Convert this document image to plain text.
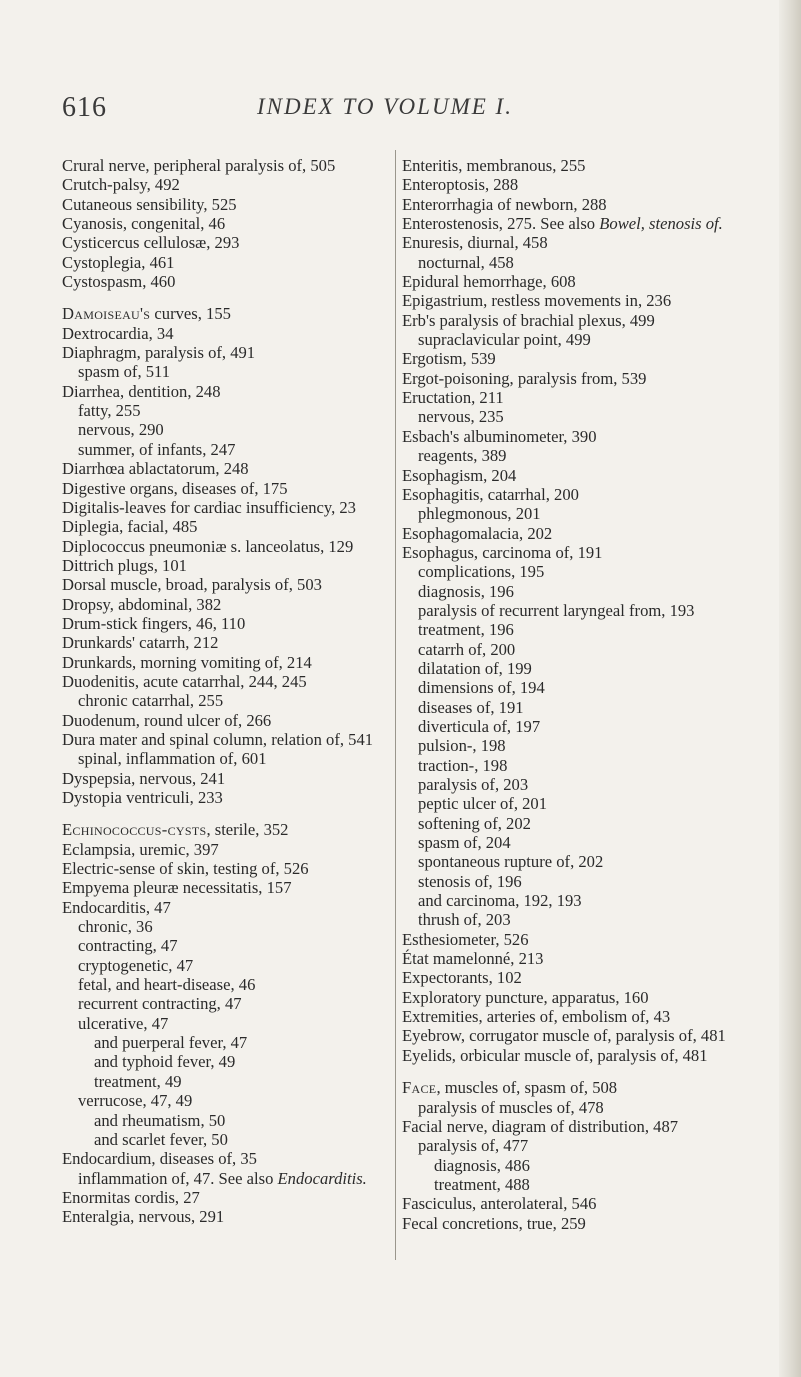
616	INDEX TO VOLUME I.
Crural nerve, peripheral paralysis of, 505
Crutch-palsy, 492
Cutaneous sensibility, 525
Cyanosis, congenital, 46
Cysticercus cellulosæ, 293
Cystoplegia, 461
Cystospasm, 460
Damoiseau's curves, 155
Dextrocardia, 34
Diaphragm, paralysis of, 491
spasm of, 511
Diarrhea, dentition, 248
fatty, 255
nervous, 290
summer, of infants, 247
Diarrhœa ablactatorum, 248
Digestive organs, diseases of, 175
Digitalis-leaves for cardiac insufficiency, 23
Diplegia, facial, 485
Diplococcus pneumoniæ s. lanceolatus, 129
Dittrich plugs, 101
Dorsal muscle, broad, paralysis of, 503
Dropsy, abdominal, 382
Drum-stick fingers, 46, 110
Drunkards' catarrh, 212
Drunkards, morning vomiting of, 214
Duodenitis, acute catarrhal, 244, 245
chronic catarrhal, 255
Duodenum, round ulcer of, 266
Dura mater and spinal column, relation of, 541
spinal, inflammation of, 601
Dyspepsia, nervous, 241
Dystopia ventriculi, 233
Echinococcus-cysts, sterile, 352
Eclampsia, uremic, 397
Electric-sense of skin, testing of, 526
Empyema pleuræ necessitatis, 157
Endocarditis, 47
chronic, 36
contracting, 47
cryptogenetic, 47
fetal, and heart-disease, 46
recurrent contracting, 47
ulcerative, 47
and puerperal fever, 47
and typhoid fever, 49
treatment, 49
verrucose, 47, 49
and rheumatism, 50
and scarlet fever, 50
Endocardium, diseases of, 35
inflammation of, 47. See also Endocarditis.
Enormitas cordis, 27
Enteralgia, nervous, 291
Enteritis, membranous, 255
Enteroptosis, 288
Enterorrhagia of newborn, 288
Enterostenosis, 275. See also Bowel, stenosis of.
Enuresis, diurnal, 458
nocturnal, 458
Epidural hemorrhage, 608
Epigastrium, restless movements in, 236
Erb's paralysis of brachial plexus, 499
supraclavicular point, 499
Ergotism, 539
Ergot-poisoning, paralysis from, 539
Eructation, 211
nervous, 235
Esbach's albuminometer, 390
reagents, 389
Esophagism, 204
Esophagitis, catarrhal, 200
phlegmonous, 201
Esophagomalacia, 202
Esophagus, carcinoma of, 191
complications, 195
diagnosis, 196
paralysis of recurrent laryngeal from, 193
treatment, 196
catarrh of, 200
dilatation of, 199
dimensions of, 194
diseases of, 191
diverticula of, 197
pulsion-, 198
traction-, 198
paralysis of, 203
peptic ulcer of, 201
softening of, 202
spasm of, 204
spontaneous rupture of, 202
stenosis of, 196
and carcinoma, 192, 193
thrush of, 203
Esthesiometer, 526
État mamelonné, 213
Expectorants, 102
Exploratory puncture, apparatus, 160
Extremities, arteries of, embolism of, 43
Eyebrow, corrugator muscle of, paralysis of, 481
Eyelids, orbicular muscle of, paralysis of, 481
Face, muscles of, spasm of, 508
paralysis of muscles of, 478
Facial nerve, diagram of distribution, 487
paralysis of, 477
diagnosis, 486
treatment, 488
Fasciculus, anterolateral, 546
Fecal concretions, true, 259
